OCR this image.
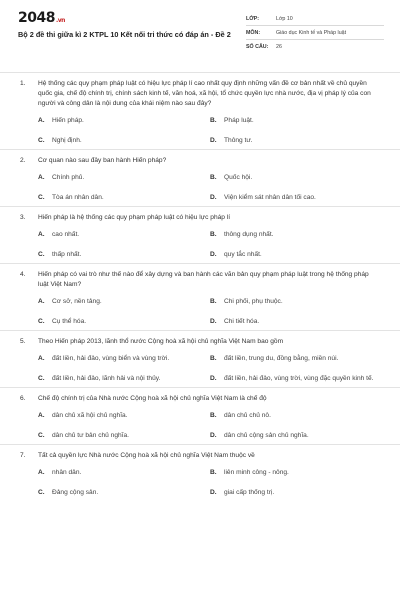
2048.vn
Bộ 2 đề thi giữa kì 2 KTPL 10 Kết nối tri thức có đáp án - Đề 2
LỚP:	Lớp 10
MÔN:	Giáo dục Kinh tế và Pháp luật
SỐ CÂU:	26
1.	Hệ thống các quy phạm pháp luật có hiệu lực pháp lí cao nhất quy định những vấn đề cơ bản nhất về chủ quyền quốc gia, chế độ chính trị, chính sách kinh tế, văn hoá, xã hội, tổ chức quyền lực nhà nước, địa vị pháp lý của con người và công dân là nội dung của khái niệm nào sau đây?
A.	Hiến pháp.	B.	Pháp luật.
C.	Nghị định.	D.	Thông tư.
2.	Cơ quan nào sau đây ban hành Hiến pháp?
A.	Chính phủ.	B.	Quốc hội.
C.	Tòa án nhân dân.	D.	Viện kiểm sát nhân dân tối cao.
3.	Hiến pháp là hệ thống các quy phạm pháp luật có hiệu lực pháp lí
A.	cao nhất.	B.	thông dụng nhất.
C.	thấp nhất.	D.	quy tắc nhất.
4.	Hiến pháp có vai trò như thế nào để xây dựng và ban hành các văn bản quy phạm pháp luật trong hệ thống pháp luật Việt Nam?
A.	Cơ sở, nền tảng.	B.	Chi phối, phụ thuộc.
C.	Cụ thể hóa.	D.	Chi tiết hóa.
5.	Theo Hiến pháp 2013, lãnh thổ nước Cộng hoà xã hội chủ nghĩa Việt Nam bao gồm
A.	đất liền, hải đảo, vùng biển và vùng trời.	B.	đất liền, trung du, đồng bằng, miền núi.
C.	đất liền, hải đảo, lãnh hải và nội thủy.	D.	đất liền, hải đảo, vùng trời, vùng đặc quyền kinh tế.
6.	Chế độ chính trị của Nhà nước Cộng hoà xã hội chủ nghĩa Việt Nam là chế độ
A.	dân chủ xã hội chủ nghĩa.	B.	dân chủ chủ nô.
C.	dân chủ tư bản chủ nghĩa.	D.	dân chủ cộng sản chủ nghĩa.
7.	Tất cả quyền lực Nhà nước Cộng hoà xã hội chủ nghĩa Việt Nam thuộc về
A.	nhân dân.	B.	liên minh công - nông.
C.	Đảng cộng sản.	D.	giai cấp thống trị.
